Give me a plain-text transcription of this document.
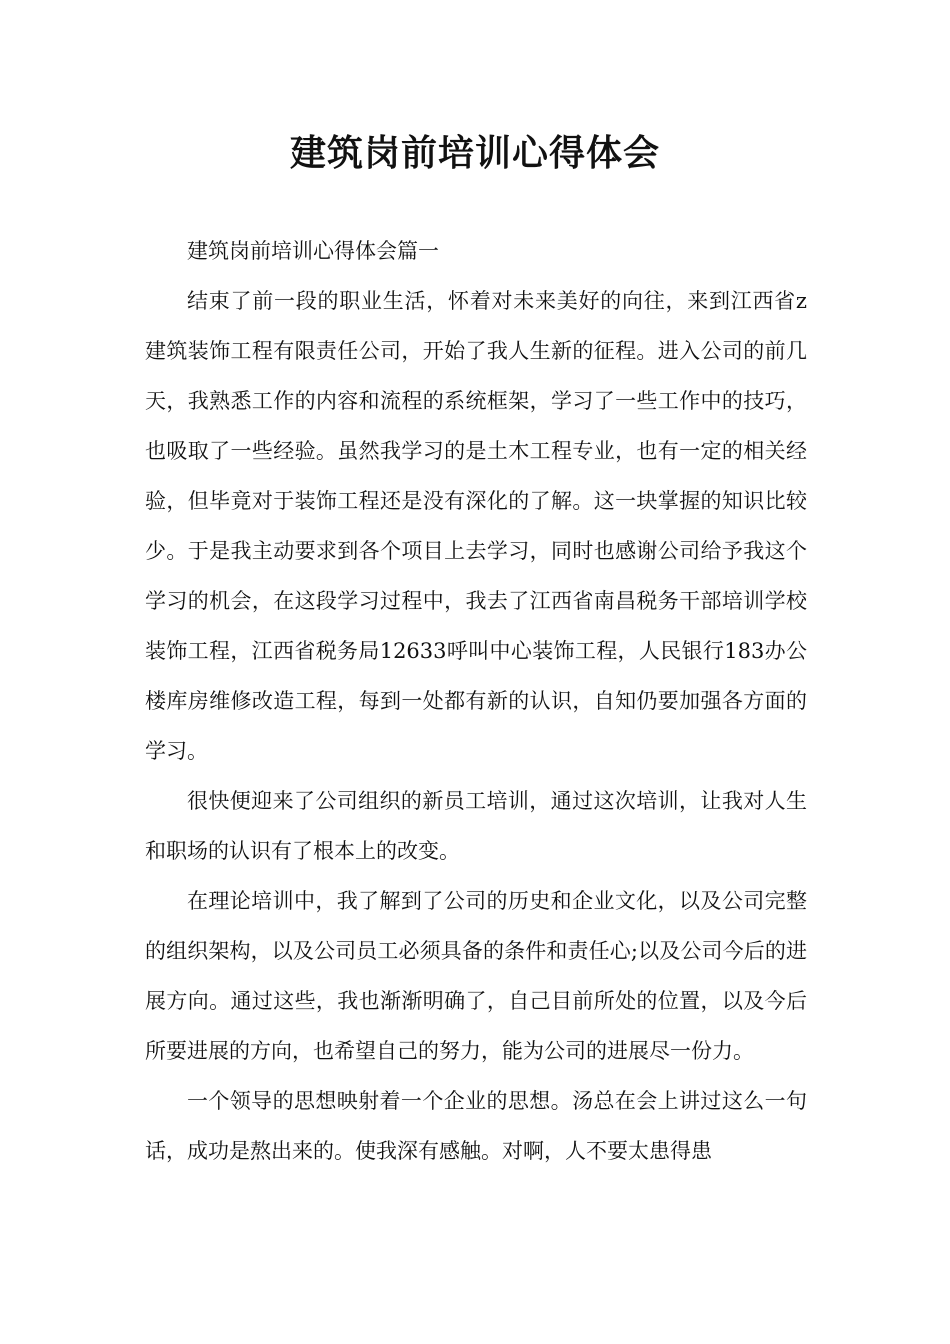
建筑岗前培训心得体会

建筑岗前培训心得体会篇一

结束了前一段的职业生活，怀着对未来美好的向往，来到江西省z建筑装饰工程有限责任公司，开始了我人生新的征程。进入公司的前几天，我熟悉工作的内容和流程的系统框架，学习了一些工作中的技巧，也吸取了一些经验。虽然我学习的是土木工程专业，也有一定的相关经验，但毕竟对于装饰工程还是没有深化的了解。这一块掌握的知识比较少。于是我主动要求到各个项目上去学习，同时也感谢公司给予我这个学习的机会，在这段学习过程中，我去了江西省南昌税务干部培训学校装饰工程，江西省税务局12633呼叫中心装饰工程，人民银行183办公楼库房维修改造工程，每到一处都有新的认识，自知仍要加强各方面的学习。

很快便迎来了公司组织的新员工培训，通过这次培训，让我对人生和职场的认识有了根本上的改变。

在理论培训中，我了解到了公司的历史和企业文化，以及公司完整的组织架构，以及公司员工必须具备的条件和责任心;以及公司今后的进展方向。通过这些，我也渐渐明确了，自己目前所处的位置，以及今后所要进展的方向，也希望自己的努力，能为公司的进展尽一份力。

一个领导的思想映射着一个企业的思想。汤总在会上讲过这么一句话，成功是熬出来的。使我深有感触。对啊，人不要太患得患
